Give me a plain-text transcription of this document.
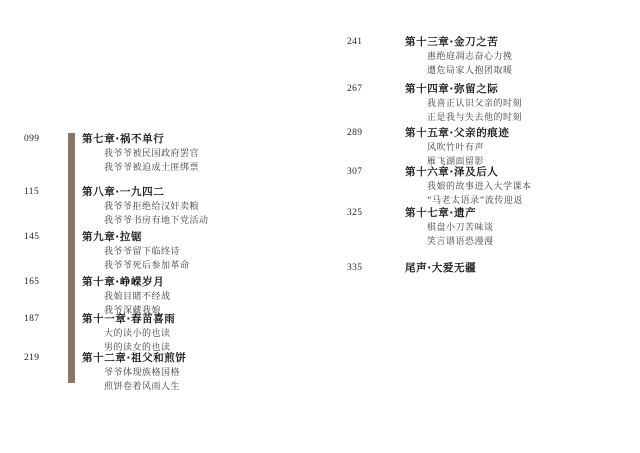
099	第七章·祸不单行
我爷爷被民国政府罢官
我爷爷被迫成土匪绑票
115	第八章·一九四二
我爷爷拒绝给汉奸卖粮
我爷爷书房有地下党活动
145	第九章·拉锯
我爷爷留下临终诗
我爷爷死后参加革命
165	第十章·峥嵘岁月
我娘目睹不经战
我爷深藏我娘
187	第十一章·春苗喜雨
大的读小的也读
男的读女的也读
219	第十二章·祖父和煎饼
爷爷体现族格国格
煎饼卷着风雨人生
241	第十三章·金刀之苦
惠绝庭凋志奋心力挽
遭危局家人抱团取暖
267	第十四章·弥留之际
我喜正认识父亲的时刻
正是我与失去他的时刻
289	第十五章·父亲的痕迹
风吹竹叶有声
雁飞湖面留影
307	第十六章·泽及后人
我娘的故事进入大学课本
“马老太语录”流传迎返
325	第十七章·遗产
棋盘小刀苦味谈
笑言谱语恐漫漫
335	尾声·大爱无疆
